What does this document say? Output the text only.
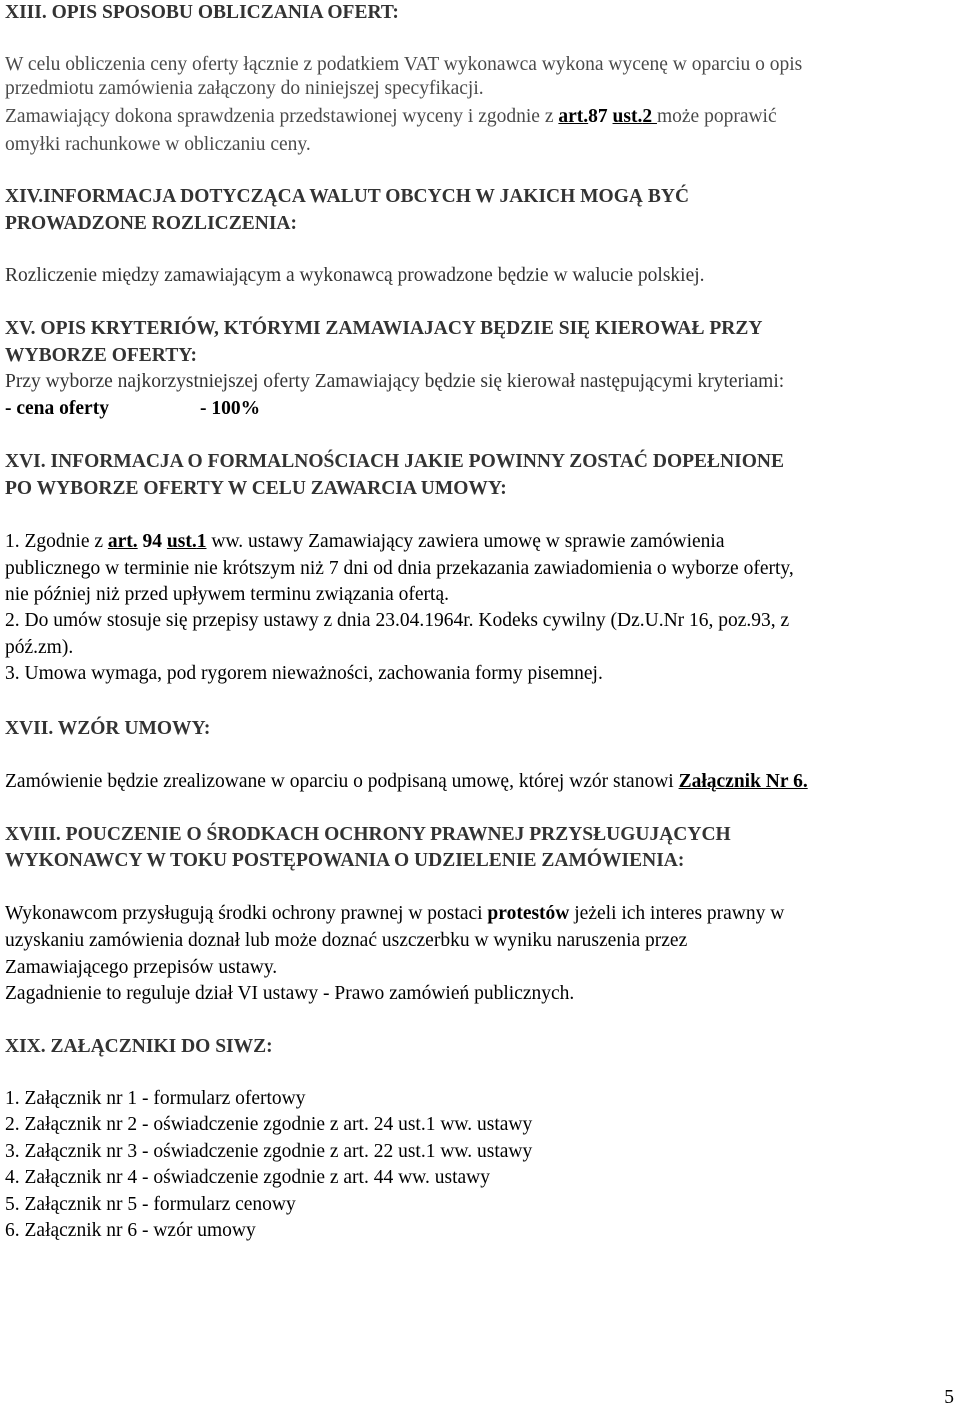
XIII. OPIS SPOSOBU OBLICZANIA OFERT:
W celu obliczenia ceny oferty łącznie z podatkiem VAT wykonawca wykona wycenę w oparciu o opis
przedmiotu zamówienia załączony do niniejszej specyfikacji.
Zamawiający dokona sprawdzenia przedstawionej wyceny i zgodnie z art.87 ust.2 może poprawić
omyłki rachunkowe w obliczaniu ceny.
XIV.INFORMACJA DOTYCZĄCA WALUT OBCYCH W JAKICH MOGĄ BYĆ
PROWADZONE ROZLICZENIA:
Rozliczenie między zamawiającym a wykonawcą prowadzone będzie w walucie polskiej.
XV. OPIS KRYTERIÓW, KTÓRYMI ZAMAWIAJACY BĘDZIE SIĘ KIEROWAŁ PRZY
WYBORZE OFERTY:
Przy wyborze najkorzystniejszej oferty Zamawiający będzie się kierował następującymi kryteriami:
- cena oferty	- 100%
XVI. INFORMACJA O FORMALNOŚCIACH JAKIE POWINNY ZOSTAĆ DOPEŁNIONE
PO WYBORZE OFERTY W CELU ZAWARCIA UMOWY:
1. Zgodnie z art. 94 ust.1 ww. ustawy Zamawiający zawiera umowę w sprawie zamówienia
publicznego w terminie nie krótszym niż 7 dni od dnia przekazania zawiadomienia o wyborze oferty,
nie później niż przed upływem terminu związania ofertą.
2. Do umów stosuje się przepisy ustawy z dnia 23.04.1964r. Kodeks cywilny (Dz.U.Nr 16, poz.93, z
póź.zm).
3. Umowa wymaga, pod rygorem nieważności, zachowania formy pisemnej.
XVII. WZÓR UMOWY:
Zamówienie będzie zrealizowane w oparciu o podpisaną umowę, której wzór stanowi Załącznik Nr 6.
XVIII. POUCZENIE O ŚRODKACH OCHRONY PRAWNEJ PRZYSŁUGUJĄCYCH
WYKONAWCY W TOKU POSTĘPOWANIA O UDZIELENIE ZAMÓWIENIA:
Wykonawcom przysługują środki ochrony prawnej w postaci protestów jeżeli ich interes prawny w
uzyskaniu zamówienia doznał lub może doznać uszczerbku w wyniku naruszenia przez
Zamawiającego przepisów ustawy.
Zagadnienie to reguluje dział VI ustawy - Prawo zamówień publicznych.
XIX. ZAŁĄCZNIKI DO SIWZ:
1. Załącznik nr 1 - formularz ofertowy
2. Załącznik nr 2 - oświadczenie zgodnie z art. 24 ust.1 ww. ustawy
3. Załącznik nr 3 - oświadczenie zgodnie z art. 22 ust.1 ww. ustawy
4. Załącznik nr 4 - oświadczenie zgodnie z art. 44 ww. ustawy
5. Załącznik nr 5 - formularz cenowy
6. Załącznik nr 6 - wzór umowy
5
